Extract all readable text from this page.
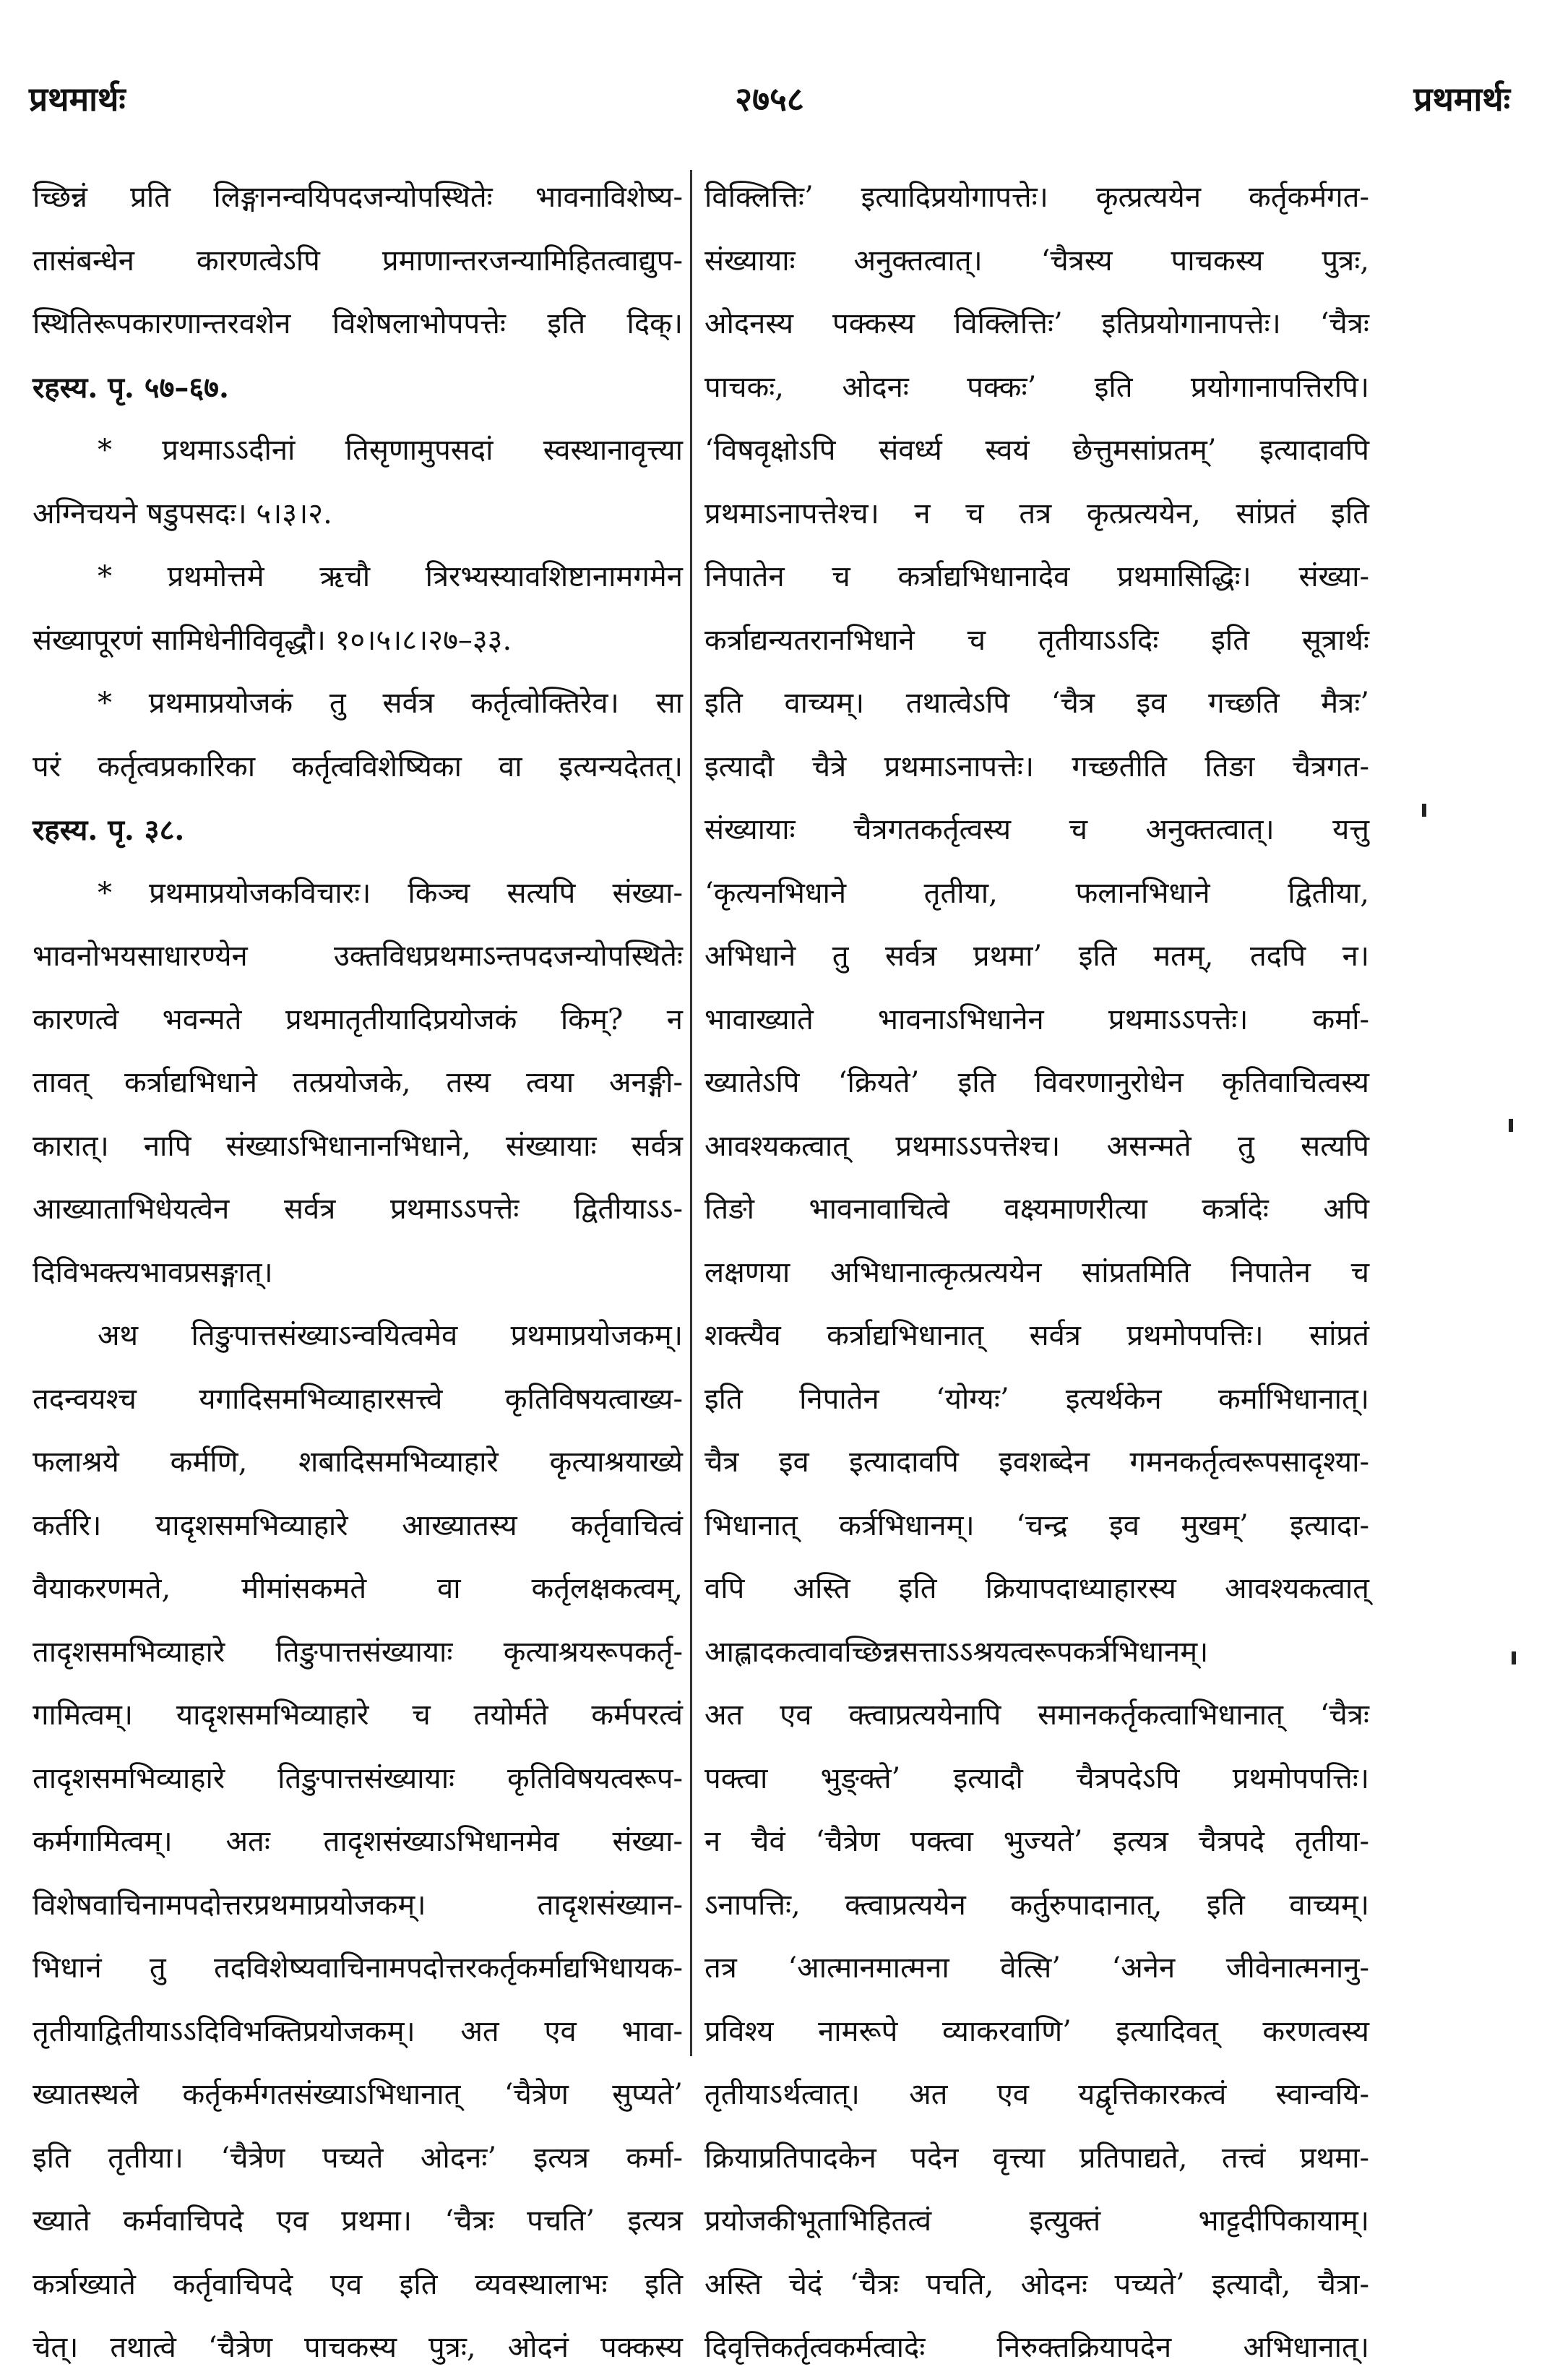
प्रथमार्थः	२७५८	प्रथमार्थः
च्छिन्नं प्रति लिङ्गानन्वयिपदजन्योपस्थितेः भावनाविशेष्य-
तासंबन्धेन कारणत्वेऽपि प्रमाणान्तरजन्यामिहितत्वाद्युप-
स्थितिरूपकारणान्तरवशेन विशेषलाभोपपत्तेः इति दिक्।
रहस्य. पृ. ५७–६७.
* प्रथमाऽऽदीनां तिसृणामुपसदां स्वस्थानावृत्त्या
अग्निचयने षडुपसदः। ५।३।२.
* प्रथमोत्तमे ऋचौ त्रिरभ्यस्यावशिष्टानामगमेन
संख्यापूरणं सामिधेनीविवृद्धौ। १०।५।८।२७–३३.
* प्रथमाप्रयोजकं तु सर्वत्र कर्तृत्वोक्तिरेव। सा
परं कर्तृत्वप्रकारिका कर्तृत्वविशेष्यिका वा इत्यन्यदेतत्।
रहस्य. पृ. ३८.
* प्रथमाप्रयोजकविचारः। किञ्च सत्यपि संख्या-
भावनोभयसाधारण्येन उक्तविधप्रथमाऽन्तपदजन्योपस्थितेः
कारणत्वे भवन्मते प्रथमातृतीयादिप्रयोजकं किम्? न
तावत् कर्त्राद्यभिधाने तत्प्रयोजके, तस्य त्वया अनङ्गी-
कारात्। नापि संख्याऽभिधानानभिधाने, संख्यायाः सर्वत्र
आख्याताभिधेयत्वेन सर्वत्र प्रथमाऽऽपत्तेः द्वितीयाऽऽ-
दिविभक्त्यभावप्रसङ्गात्।
अथ तिङुपात्तसंख्याऽन्वयित्वमेव प्रथमाप्रयोजकम्।
तदन्वयश्च यगादिसमभिव्याहारसत्त्वे कृतिविषयत्वाख्य-
फलाश्रये कर्मणि, शबादिसमभिव्याहारे कृत्याश्रयाख्ये
कर्तरि। यादृशसमभिव्याहारे आख्यातस्य कर्तृवाचित्वं
वैयाकरणमते, मीमांसकमते वा कर्तृलक्षकत्वम्,
तादृशसमभिव्याहारे तिङुपात्तसंख्यायाः कृत्याश्रयरूपकर्तृ-
गामित्वम्। यादृशसमभिव्याहारे च तयोर्मते कर्मपरत्वं
तादृशसमभिव्याहारे तिङुपात्तसंख्यायाः कृतिविषयत्वरूप-
कर्मगामित्वम्। अतः तादृशसंख्याऽभिधानमेव संख्या-
विशेषवाचिनामपदोत्तरप्रथमाप्रयोजकम्। तादृशसंख्यान-
भिधानं तु तदविशेष्यवाचिनामपदोत्तरकर्तृकर्माद्यभिधायक-
तृतीयाद्वितीयाऽऽदिविभक्तिप्रयोजकम्। अत एव भावा-
ख्यातस्थले कर्तृकर्मगतसंख्याऽभिधानात् ‘चैत्रेण सुप्यते’
इति तृतीया। ‘चैत्रेण पच्यते ओदनः’ इत्यत्र कर्मा-
ख्याते कर्मवाचिपदे एव प्रथमा। ‘चैत्रः पचति’ इत्यत्र
कर्त्राख्याते कर्तृवाचिपदे एव इति व्यवस्थालाभः इति
चेत्। तथात्वे ‘चैत्रेण पाचकस्य पुत्रः, ओदनं पक्कस्य
विक्लित्तिः’ इत्यादिप्रयोगापत्तेः। कृत्प्रत्ययेन कर्तृकर्मगत-
संख्यायाः अनुक्तत्वात्। ‘चैत्रस्य पाचकस्य पुत्रः,
ओदनस्य पक्कस्य विक्लित्तिः’ इतिप्रयोगानापत्तेः। ‘चैत्रः
पाचकः, ओदनः पक्कः’ इति प्रयोगानापत्तिरपि।
‘विषवृक्षोऽपि संवर्ध्य स्वयं छेत्तुमसांप्रतम्’ इत्यादावपि
प्रथमाऽनापत्तेश्च। न च तत्र कृत्प्रत्ययेन, सांप्रतं इति
निपातेन च कर्त्राद्यभिधानादेव प्रथमासिद्धिः। संख्या-
कर्त्राद्यन्यतरानभिधाने च तृतीयाऽऽदिः इति सूत्रार्थः
इति वाच्यम्। तथात्वेऽपि ‘चैत्र इव गच्छति मैत्रः’
इत्यादौ चैत्रे प्रथमाऽनापत्तेः। गच्छतीति तिङा चैत्रगत-
संख्यायाः चैत्रगतकर्तृत्वस्य च अनुक्तत्वात्। यत्तु
‘कृत्यनभिधाने तृतीया, फलानभिधाने द्वितीया,
अभिधाने तु सर्वत्र प्रथमा’ इति मतम्, तदपि न।
भावाख्याते भावनाऽभिधानेन प्रथमाऽऽपत्तेः। कर्मा-
ख्यातेऽपि ‘क्रियते’ इति विवरणानुरोधेन कृतिवाचित्वस्य
आवश्यकत्वात् प्रथमाऽऽपत्तेश्च। असन्मते तु सत्यपि
तिङो भावनावाचित्वे वक्ष्यमाणरीत्या कर्त्रादेः अपि
लक्षणया अभिधानात्कृत्प्रत्ययेन सांप्रतमिति निपातेन च
शक्त्यैव कर्त्राद्यभिधानात् सर्वत्र प्रथमोपपत्तिः। सांप्रतं
इति निपातेन ‘योग्यः’ इत्यर्थकेन कर्माभिधानात्।
चैत्र इव इत्यादावपि इवशब्देन गमनकर्तृत्वरूपसादृश्या-
भिधानात् कर्त्रभिधानम्। ‘चन्द्र इव मुखम्’ इत्यादा-
वपि अस्ति इति क्रियापदाध्याहारस्य आवश्यकत्वात्
आह्लादकत्वावच्छिन्नसत्ताऽऽश्रयत्वरूपकर्त्रभिधानम्।
अत एव क्त्वाप्रत्ययेनापि समानकर्तृकत्वाभिधानात् ‘चैत्रः
पक्त्वा भुङ्क्ते’ इत्यादौ चैत्रपदेऽपि प्रथमोपपत्तिः।
न चैवं ‘चैत्रेण पक्त्वा भुज्यते’ इत्यत्र चैत्रपदे तृतीया-
ऽनापत्तिः, क्त्वाप्रत्ययेन कर्तुरुपादानात्, इति वाच्यम्।
तत्र ‘आत्मानमात्मना वेत्सि’ ‘अनेन जीवेनात्मनानु-
प्रविश्य नामरूपे व्याकरवाणि’ इत्यादिवत् करणत्वस्य
तृतीयाऽर्थत्वात्। अत एव यद्वृत्तिकारकत्वं स्वान्वयि-
क्रियाप्रतिपादकेन पदेन वृत्त्या प्रतिपाद्यते, तत्त्वं प्रथमा-
प्रयोजकीभूताभिहितत्वं इत्युक्तं भाट्टदीपिकायाम्।
अस्ति चेदं ‘चैत्रः पचति, ओदनः पच्यते’ इत्यादौ, चैत्रा-
दिवृत्तिकर्तृत्वकर्मत्वादेः निरुक्तक्रियापदेन अभिधानात्।
